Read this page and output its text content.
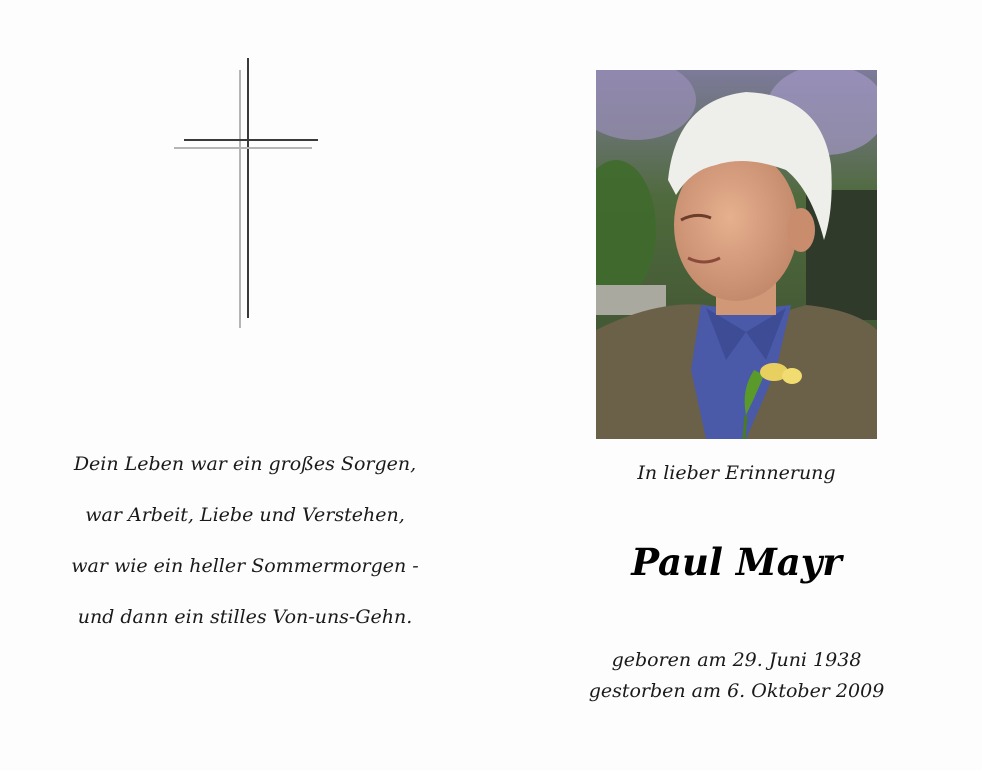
Dein Leben war ein großes Sorgen,
war Arbeit, Liebe und Verstehen,
war wie ein heller Sommermorgen -
und dann ein stilles Von-uns-Gehn.
In lieber Erinnerung
Paul Mayr
geboren am 29. Juni 1938
gestorben am 6. Oktober 2009
